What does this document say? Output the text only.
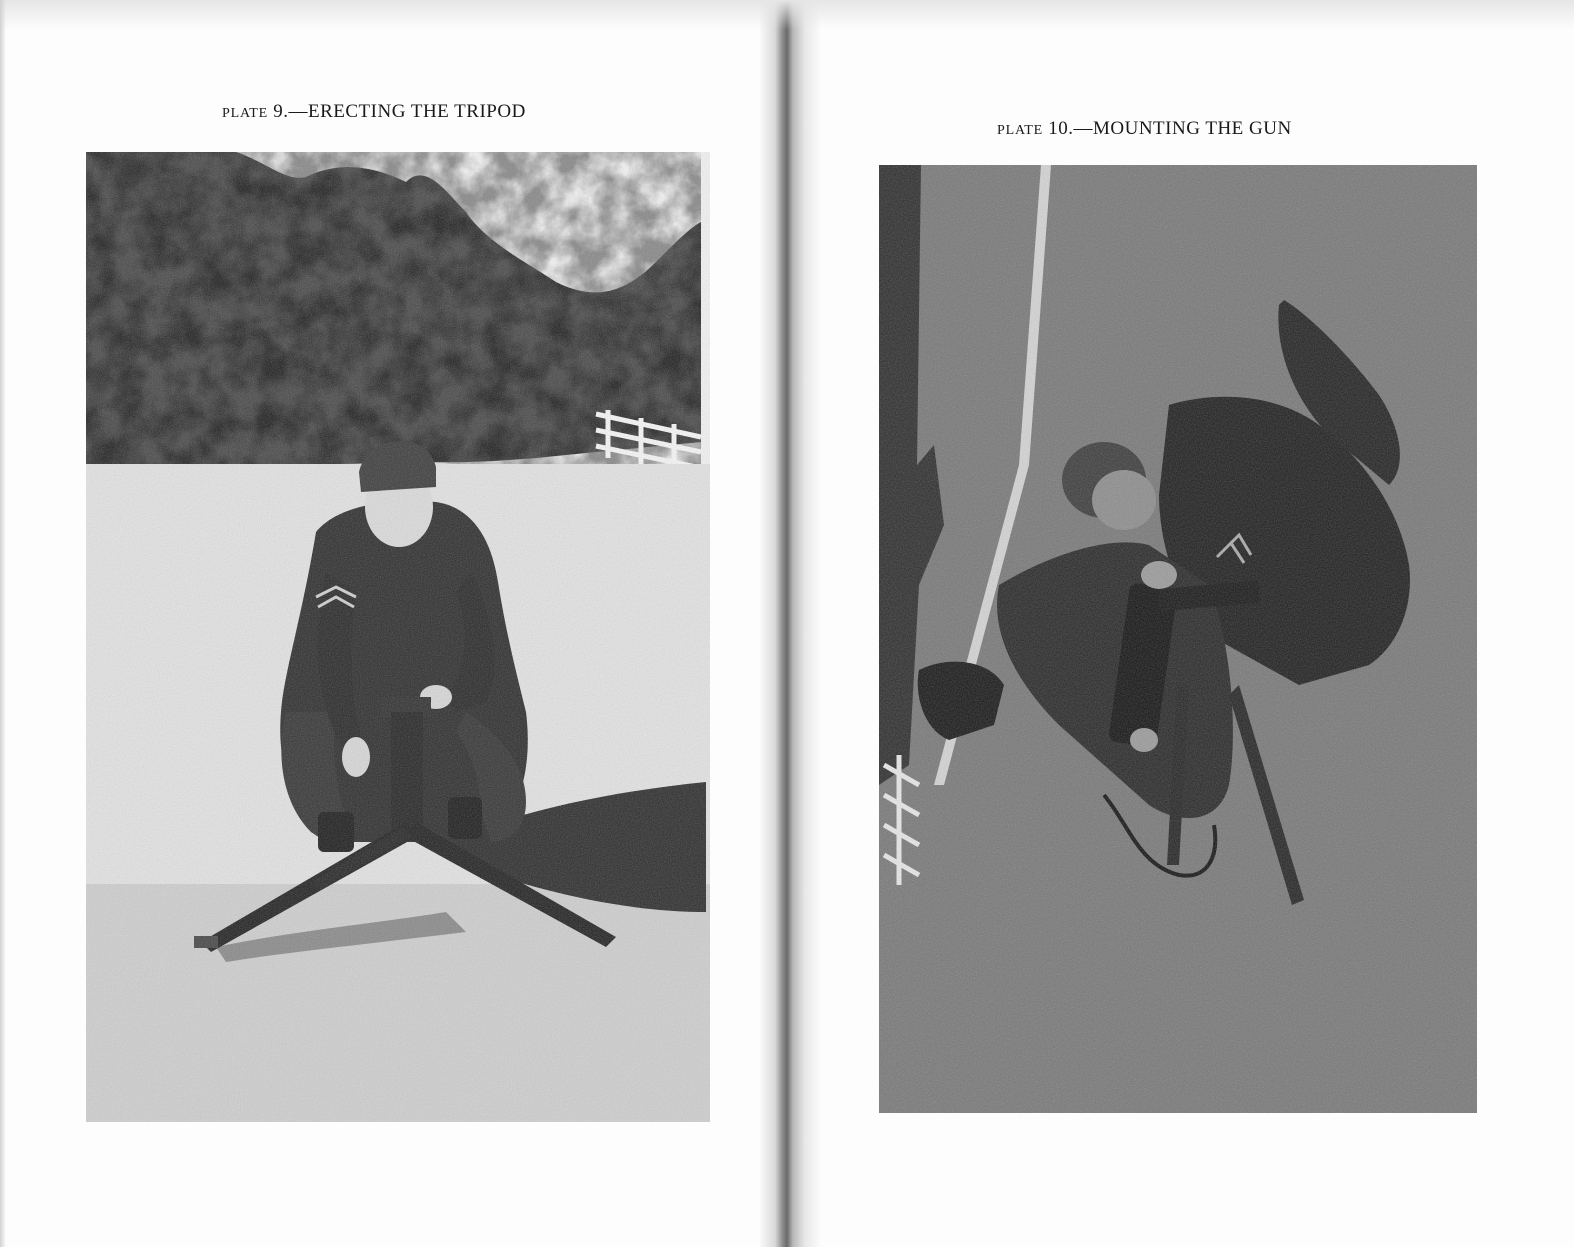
PLATE 9.—ERECTING THE TRIPOD
PLATE 10.—MOUNTING THE GUN
